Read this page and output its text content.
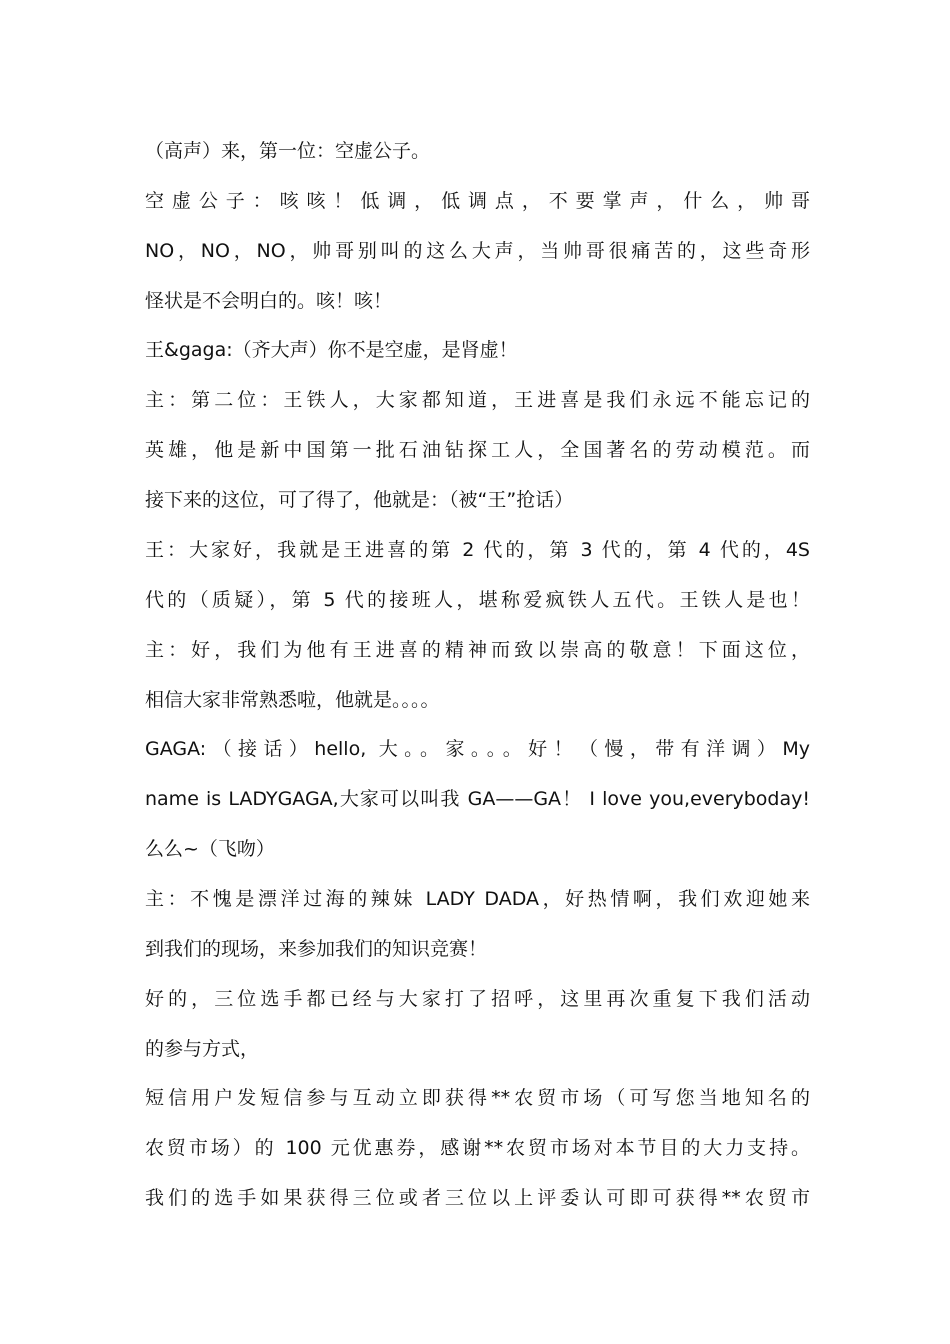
（高声）来，第一位：空虚公子。
空虚公子：咳咳！低调，低调点，不要掌声，什么，帅哥
NO，NO，NO，帅哥别叫的这么大声，当帅哥很痛苦的，这些奇形
怪状是不会明白的。咳！咳！
王&gaga:（齐大声）你不是空虚，是肾虚！
主：第二位：王铁人，大家都知道，王进喜是我们永远不能忘记的
英雄，他是新中国第一批石油钻探工人，全国著名的劳动模范。而
接下来的这位，可了得了，他就是：（被“王”抢话）
王：大家好，我就是王进喜的第 2 代的，第 3 代的，第 4 代的，4S
代的（质疑），第 5 代的接班人，堪称爱疯铁人五代。王铁人是也！
主：好，我们为他有王进喜的精神而致以崇高的敬意！下面这位，
相信大家非常熟悉啦，他就是。。。。
GAGA:（接话）hello, 大。。家。。。好！（慢，带有洋调）My
name is LADYGAGA,大家可以叫我 GA——GA！ I love you,everyboday!
么么~（飞吻）
主：不愧是漂洋过海的辣妹 LADY DADA，好热情啊，我们欢迎她来
到我们的现场，来参加我们的知识竞赛！
好的，三位选手都已经与大家打了招呼，这里再次重复下我们活动
的参与方式，
短信用户发短信参与互动立即获得**农贸市场（可写您当地知名的
农贸市场）的 100 元优惠券，感谢**农贸市场对本节目的大力支持。
我们的选手如果获得三位或者三位以上评委认可即可获得**农贸市
